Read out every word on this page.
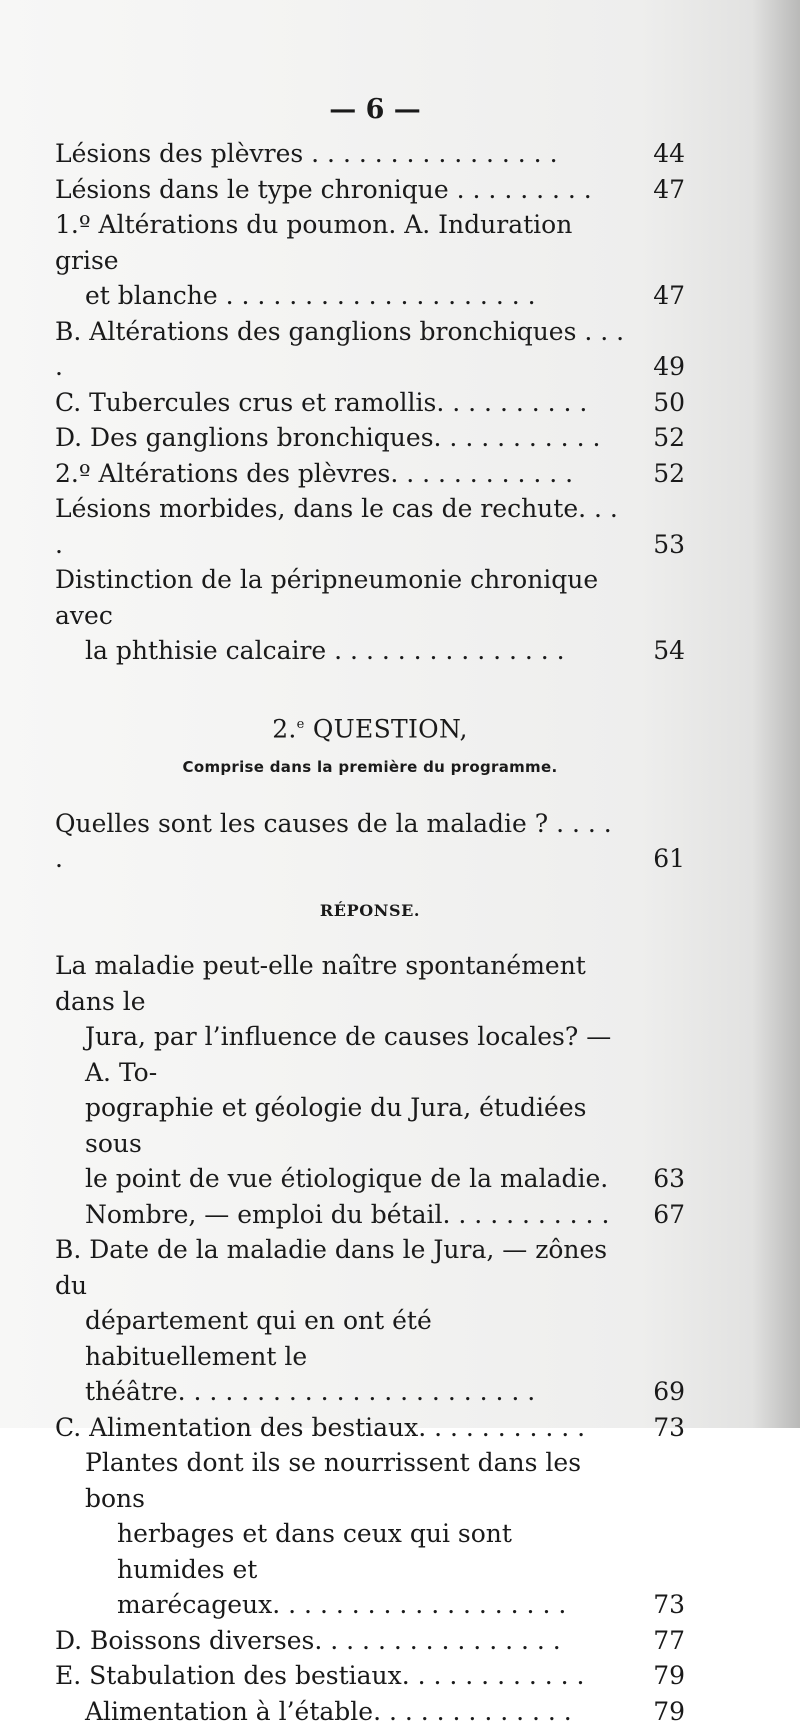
— 6 —
Lésions des plèvres . . . . . . . . . . . . . . . .	44
Lésions dans le type chronique . . . . . . . . .	47
1.º Altérations du poumon. A. Induration grise
et blanche . . . . . . . . . . . . . . . . . . . .	47
B. Altérations des ganglions bronchiques . . . .	49
C. Tubercules crus et ramollis. . . . . . . . . .	50
D. Des ganglions bronchiques. . . . . . . . . . .	52
2.º Altérations des plèvres. . . . . . . . . . . .	52
Lésions morbides, dans le cas de rechute. . . .	53
Distinction de la péripneumonie chronique avec
la phthisie calcaire . . . . . . . . . . . . . . .	54
2.$^e$ QUESTION,
Comprise dans la première du programme.
Quelles sont les causes de la maladie ? . . . . .	61
RÉPONSE.
La maladie peut-elle naître spontanément dans le
Jura, par l’influence de causes locales? — A. To-
pographie et géologie du Jura, étudiées sous
le point de vue étiologique de la maladie.	63
Nombre, — emploi du bétail. . . . . . . . . . .	67
B. Date de la maladie dans le Jura, — zônes du
département qui en ont été habituellement le
théâtre. . . . . . . . . . . . . . . . . . . . . . .	69
C. Alimentation des bestiaux. . . . . . . . . . .	73
Plantes dont ils se nourrissent dans les bons
herbages et dans ceux qui sont humides et
marécageux. . . . . . . . . . . . . . . . . . .	73
D. Boissons diverses. . . . . . . . . . . . . . . .	77
E. Stabulation des bestiaux. . . . . . . . . . . .	79
Alimentation à l’étable. . . . . . . . . . . . .	79
